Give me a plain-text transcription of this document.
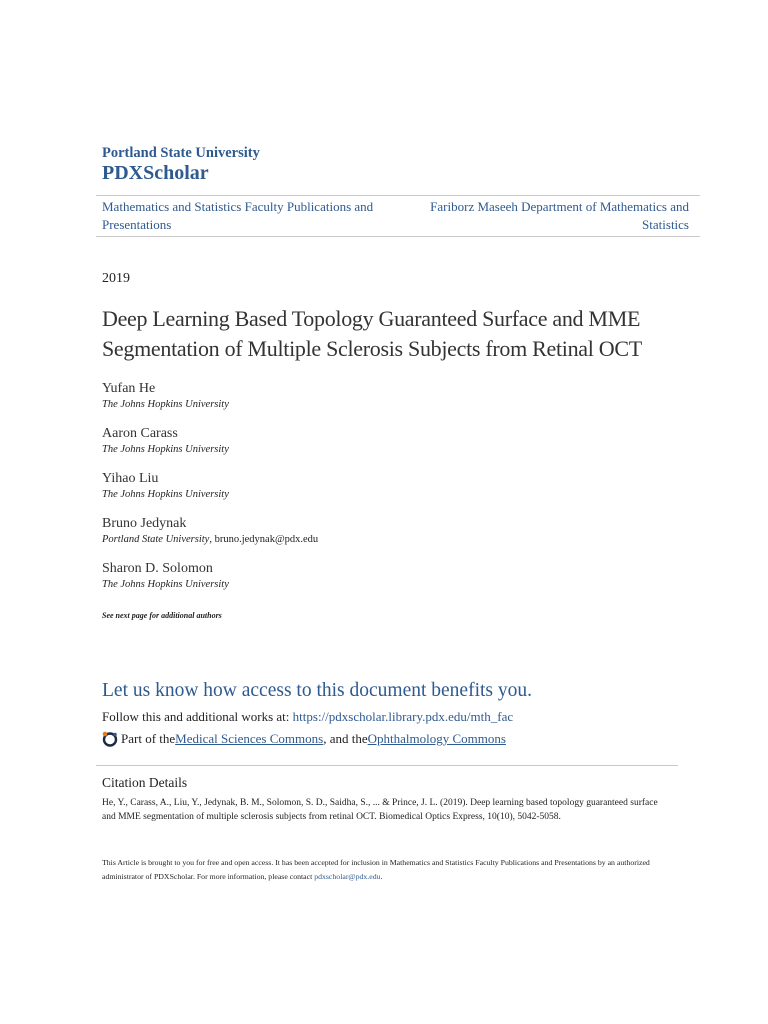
Portland State University
PDXScholar
Mathematics and Statistics Faculty Publications and
Presentations
Fariborz Maseeh Department of Mathematics and
Statistics
2019
Deep Learning Based Topology Guaranteed Surface and MME Segmentation of Multiple Sclerosis Subjects from Retinal OCT
Yufan He
The Johns Hopkins University
Aaron Carass
The Johns Hopkins University
Yihao Liu
The Johns Hopkins University
Bruno Jedynak
Portland State University, bruno.jedynak@pdx.edu
Sharon D. Solomon
The Johns Hopkins University
See next page for additional authors
Let us know how access to this document benefits you.
Follow this and additional works at: https://pdxscholar.library.pdx.edu/mth_fac
Part of the Medical Sciences Commons , and the Ophthalmology Commons
Citation Details
He, Y., Carass, A., Liu, Y., Jedynak, B. M., Solomon, S. D., Saidha, S., ... & Prince, J. L. (2019). Deep learning based topology guaranteed surface and MME segmentation of multiple sclerosis subjects from retinal OCT. Biomedical Optics Express, 10(10), 5042-5058.
This Article is brought to you for free and open access. It has been accepted for inclusion in Mathematics and Statistics Faculty Publications and Presentations by an authorized administrator of PDXScholar. For more information, please contact pdxscholar@pdx.edu.
